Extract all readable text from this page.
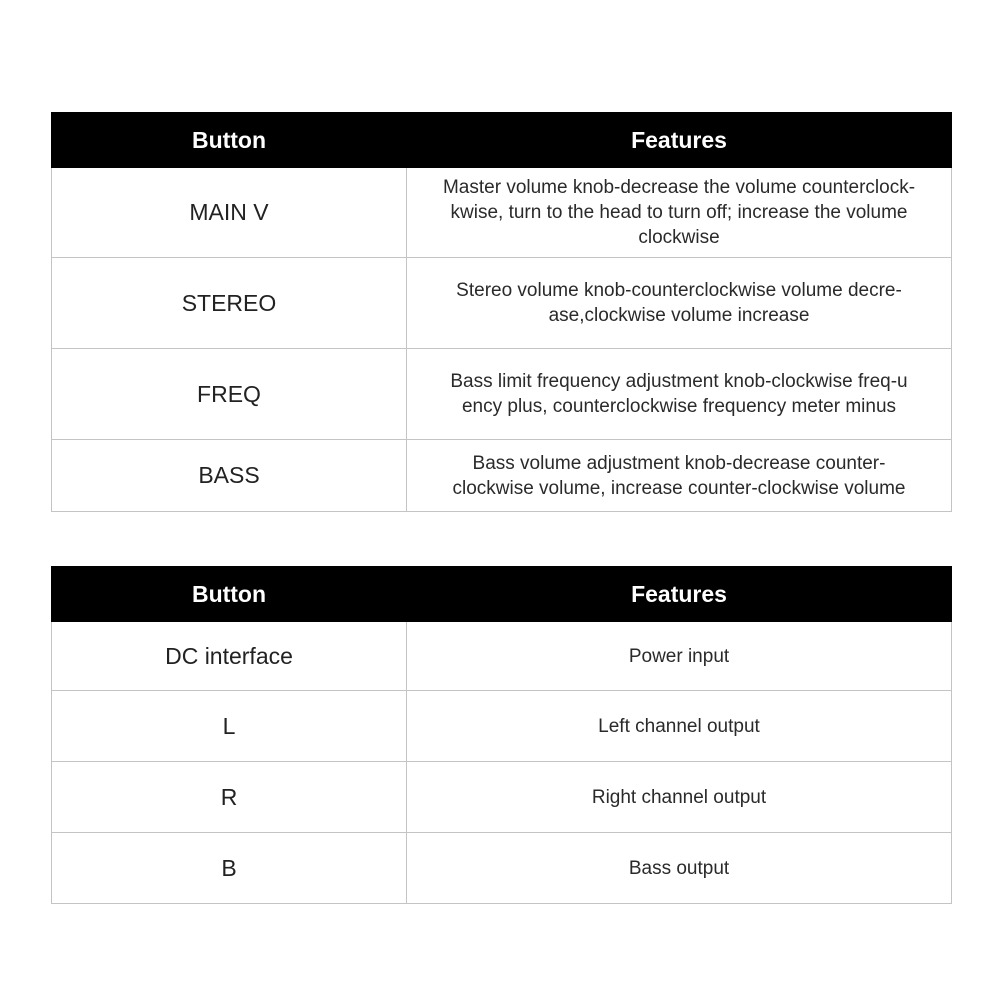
Button	Features
MAIN V	Master volume knob-decrease the volume counterclock-
kwise, turn to the head to turn off; increase the volume
clockwise

STEREO	Stereo volume knob-counterclockwise volume decre-
ase,clockwise volume increase

FREQ	Bass limit frequency adjustment knob-clockwise freq-u
ency plus, counterclockwise frequency meter minus

BASS	Bass volume adjustment knob-decrease counter-
clockwise volume, increase counter-clockwise volume
Button	Features
DC interface	Power input

L	Left channel output

R	Right channel output

B	Bass output
